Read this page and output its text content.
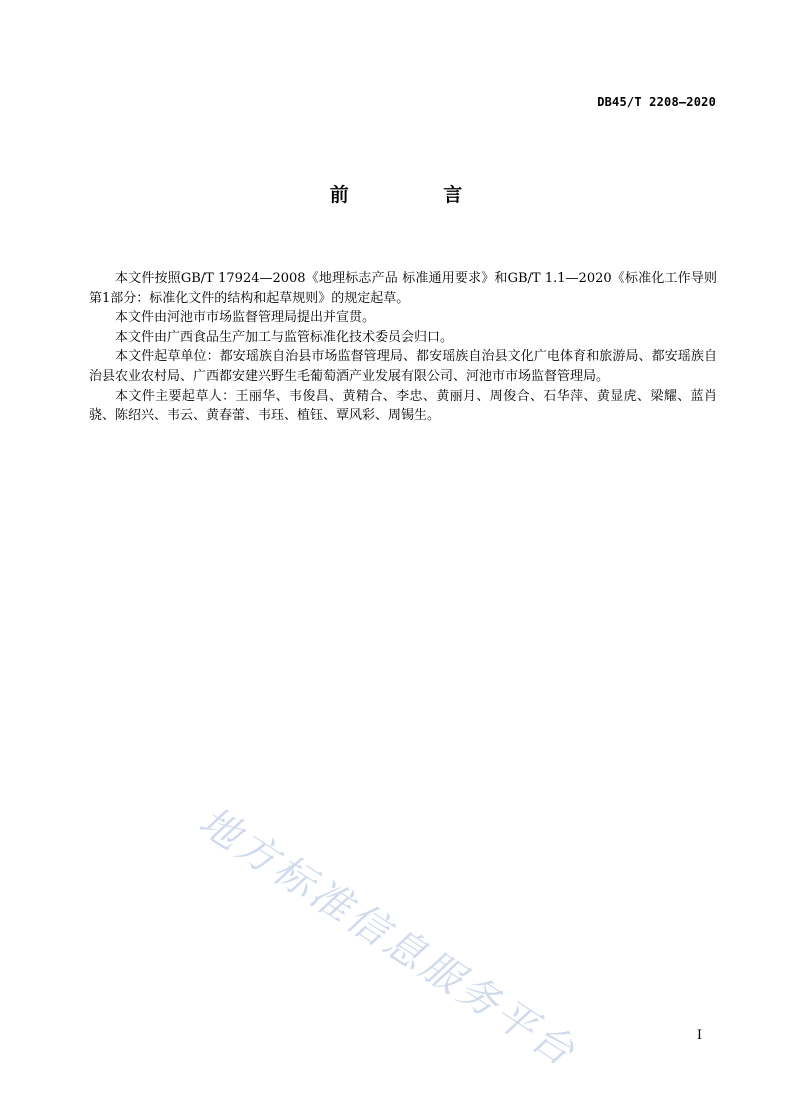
DB45/T 2208—2020
前 言

本文件按照GB/T 17924—2008《地理标志产品 标准通用要求》和GB/T 1.1—2020《标准化工作导则 第1部分：标准化文件的结构和起草规则》的规定起草。

本文件由河池市市场监督管理局提出并宣贯。

本文件由广西食品生产加工与监管标准化技术委员会归口。

本文件起草单位：都安瑶族自治县市场监督管理局、都安瑶族自治县文化广电体育和旅游局、都安瑶族自治县农业农村局、广西都安建兴野生毛葡萄酒产业发展有限公司、河池市市场监督管理局。

本文件主要起草人：王丽华、韦俊昌、黄精合、李忠、黄丽月、周俊合、石华萍、黄显虎、梁耀、蓝肖骁、陈绍兴、韦云、黄春蕾、韦珏、植钰、覃风彩、周锡生。

地方标准信息服务平台	I
